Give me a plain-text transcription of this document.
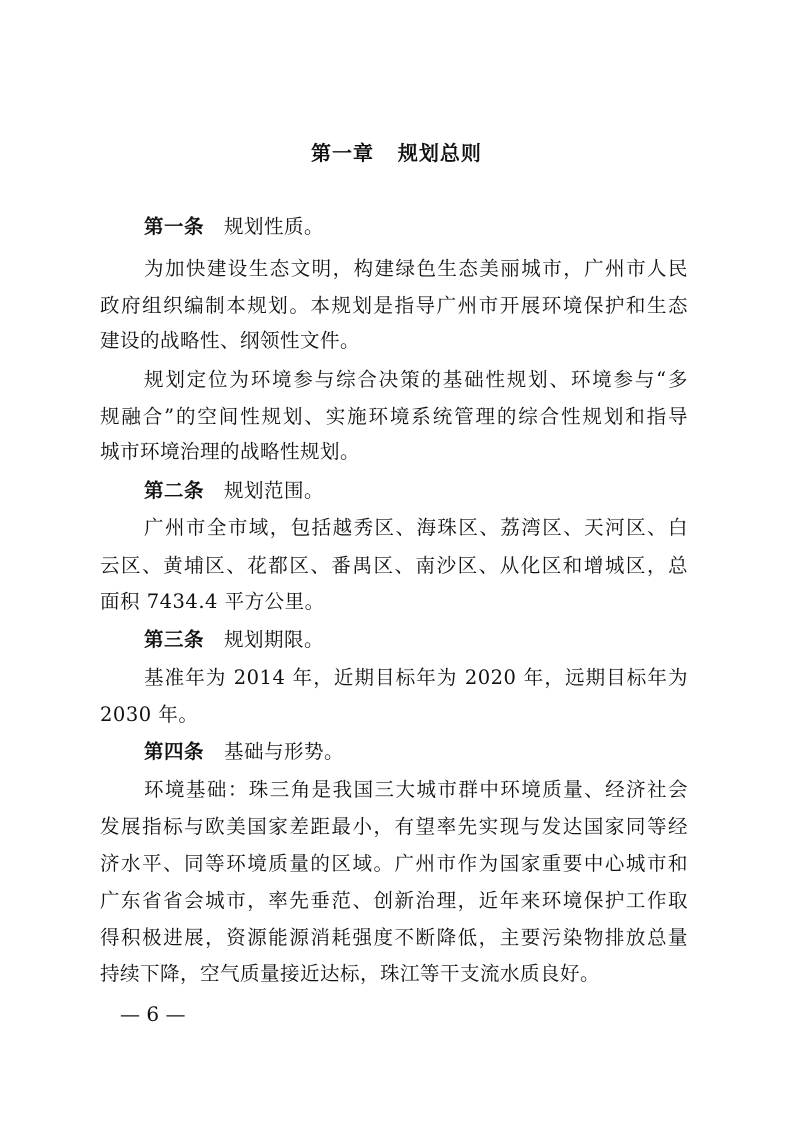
第一章   规划总则
第一条 规划性质。
为加快建设生态文明，构建绿色生态美丽城市，广州市人民
政府组织编制本规划。本规划是指导广州市开展环境保护和生态
建设的战略性、纲领性文件。
规划定位为环境参与综合决策的基础性规划、环境参与“多
规融合”的空间性规划、实施环境系统管理的综合性规划和指导
城市环境治理的战略性规划。
第二条 规划范围。
广州市全市域，包括越秀区、海珠区、荔湾区、天河区、白
云区、黄埔区、花都区、番禺区、南沙区、从化区和增城区，总
面积 7434.4 平方公里。
第三条 规划期限。
基准年为 2014 年，近期目标年为 2020 年，远期目标年为
2030 年。
第四条 基础与形势。
环境基础：珠三角是我国三大城市群中环境质量、经济社会
发展指标与欧美国家差距最小，有望率先实现与发达国家同等经
济水平、同等环境质量的区域。广州市作为国家重要中心城市和
广东省省会城市，率先垂范、创新治理，近年来环境保护工作取
得积极进展，资源能源消耗强度不断降低，主要污染物排放总量
持续下降，空气质量接近达标，珠江等干支流水质良好。
— 6 —
